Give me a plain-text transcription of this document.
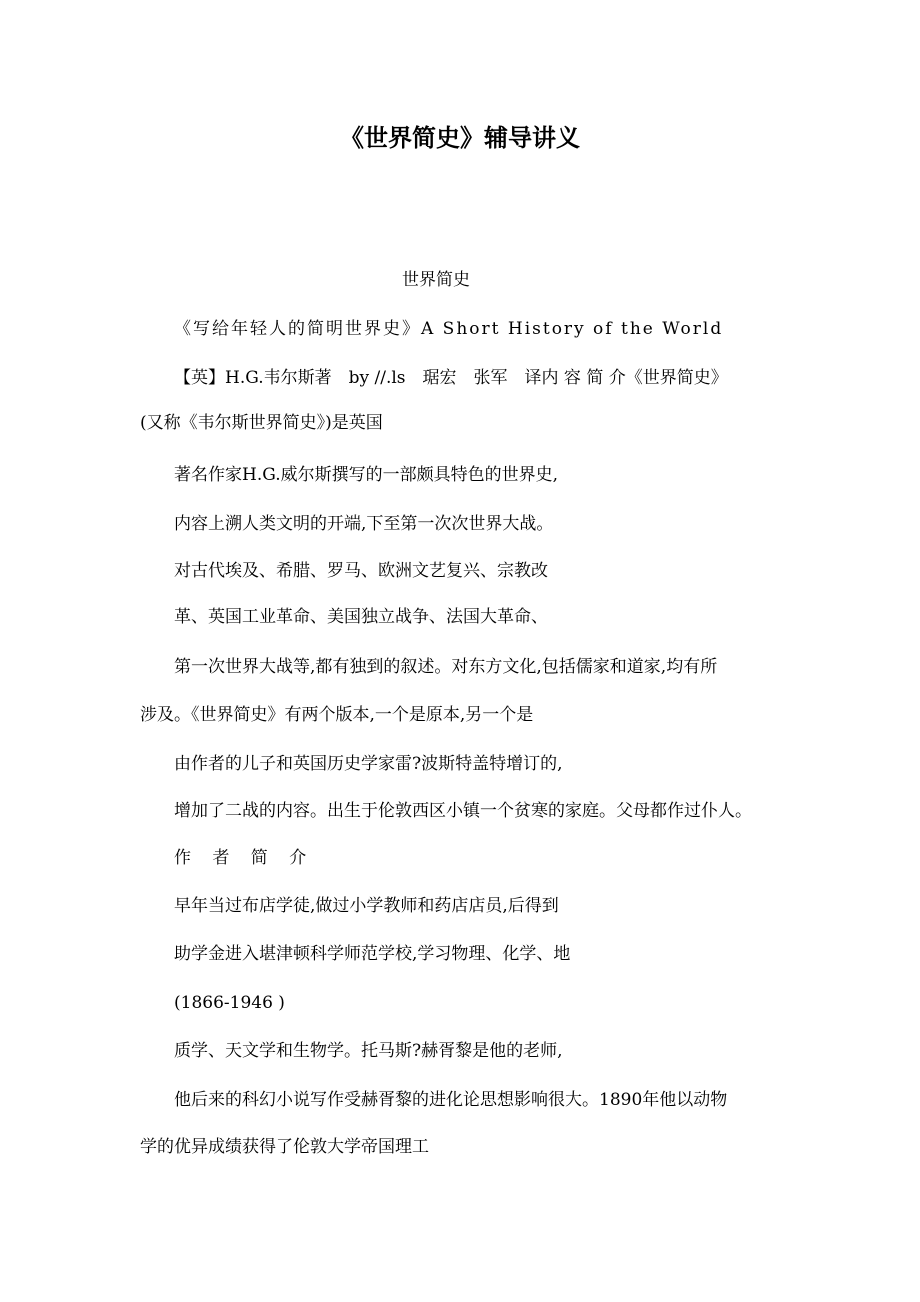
《世界简史》辅导讲义
世界简史
《写给年轻人的简明世界史》A Short History of the World
【英】H.G.韦尔斯著　by //.ls　琚宏　张军　译内 容 简 介《世界简史》
(又称《韦尔斯世界简史》)是英国
著名作家H.G.威尔斯撰写的一部颇具特色的世界史,
内容上溯人类文明的开端,下至第一次次世界大战。
对古代埃及、希腊、罗马、欧洲文艺复兴、宗教改
革、英国工业革命、美国独立战争、法国大革命、
第一次世界大战等,都有独到的叙述。对东方文化,包括儒家和道家,均有所
涉及。《世界简史》有两个版本,一个是原本,另一个是
由作者的儿子和英国历史学家雷?波斯特盖特增订的,
增加了二战的内容。出生于伦敦西区小镇一个贫寒的家庭。父母都作过仆人。
作 者 简 介
早年当过布店学徒,做过小学教师和药店店员,后得到
助学金进入堪津顿科学师范学校,学习物理、化学、地
(1866-1946 )
质学、天文学和生物学。托马斯?赫胥黎是他的老师,
他后来的科幻小说写作受赫胥黎的进化论思想影响很大。1890年他以动物
学的优异成绩获得了伦敦大学帝国理工
